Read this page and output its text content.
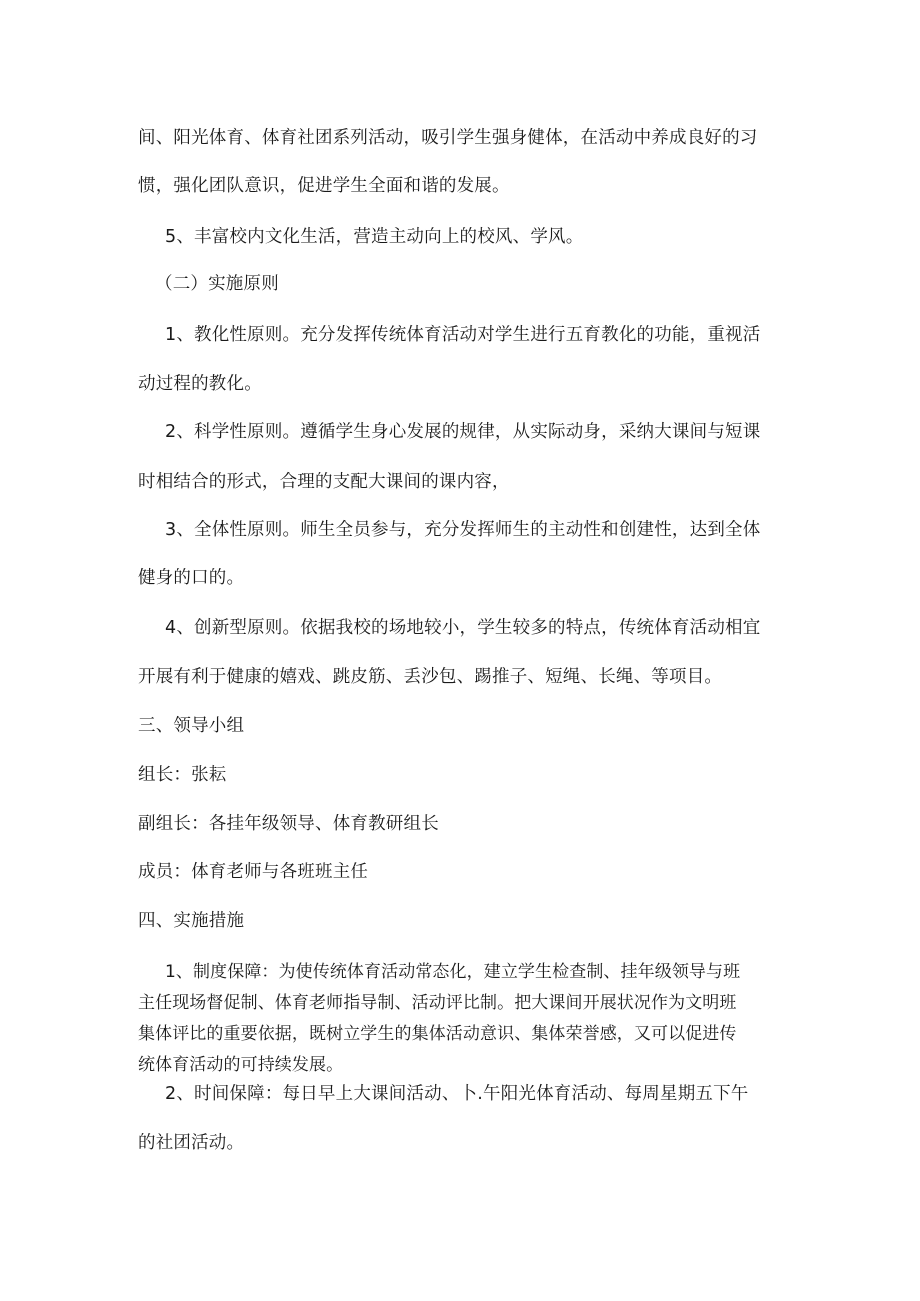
间、阳光体育、体育社团系列活动，吸引学生强身健体，在活动中养成良好的习
惯，强化团队意识，促进学生全面和谐的发展。
5、丰富校内文化生活，营造主动向上的校风、学风。
（二）实施原则
1、教化性原则。充分发挥传统体育活动对学生进行五育教化的功能，重视活
动过程的教化。
2、科学性原则。遵循学生身心发展的规律，从实际动身，采纳大课间与短课
时相结合的形式，合理的支配大课间的课内容，
3、全体性原则。师生全员参与，充分发挥师生的主动性和创建性，达到全体
健身的口的。
4、创新型原则。依据我校的场地较小，学生较多的特点，传统体育活动相宜
开展有利于健康的嬉戏、跳皮筋、丢沙包、踢推子、短绳、长绳、等项目。
三、领导小组
组长：张耘
副组长：各挂年级领导、体育教研组长
成员：体育老师与各班班主任
四、实施措施
1、制度保障：为使传统体育活动常态化，建立学生检查制、挂年级领导与班
主任现场督促制、体育老师指导制、活动评比制。把大课间开展状况作为文明班
集体评比的重要依据，既树立学生的集体活动意识、集体荣誉感，又可以促进传
统体育活动的可持续发展。
2、时间保障：每日早上大课间活动、卜.午阳光体育活动、每周星期五下午
的社团活动。
